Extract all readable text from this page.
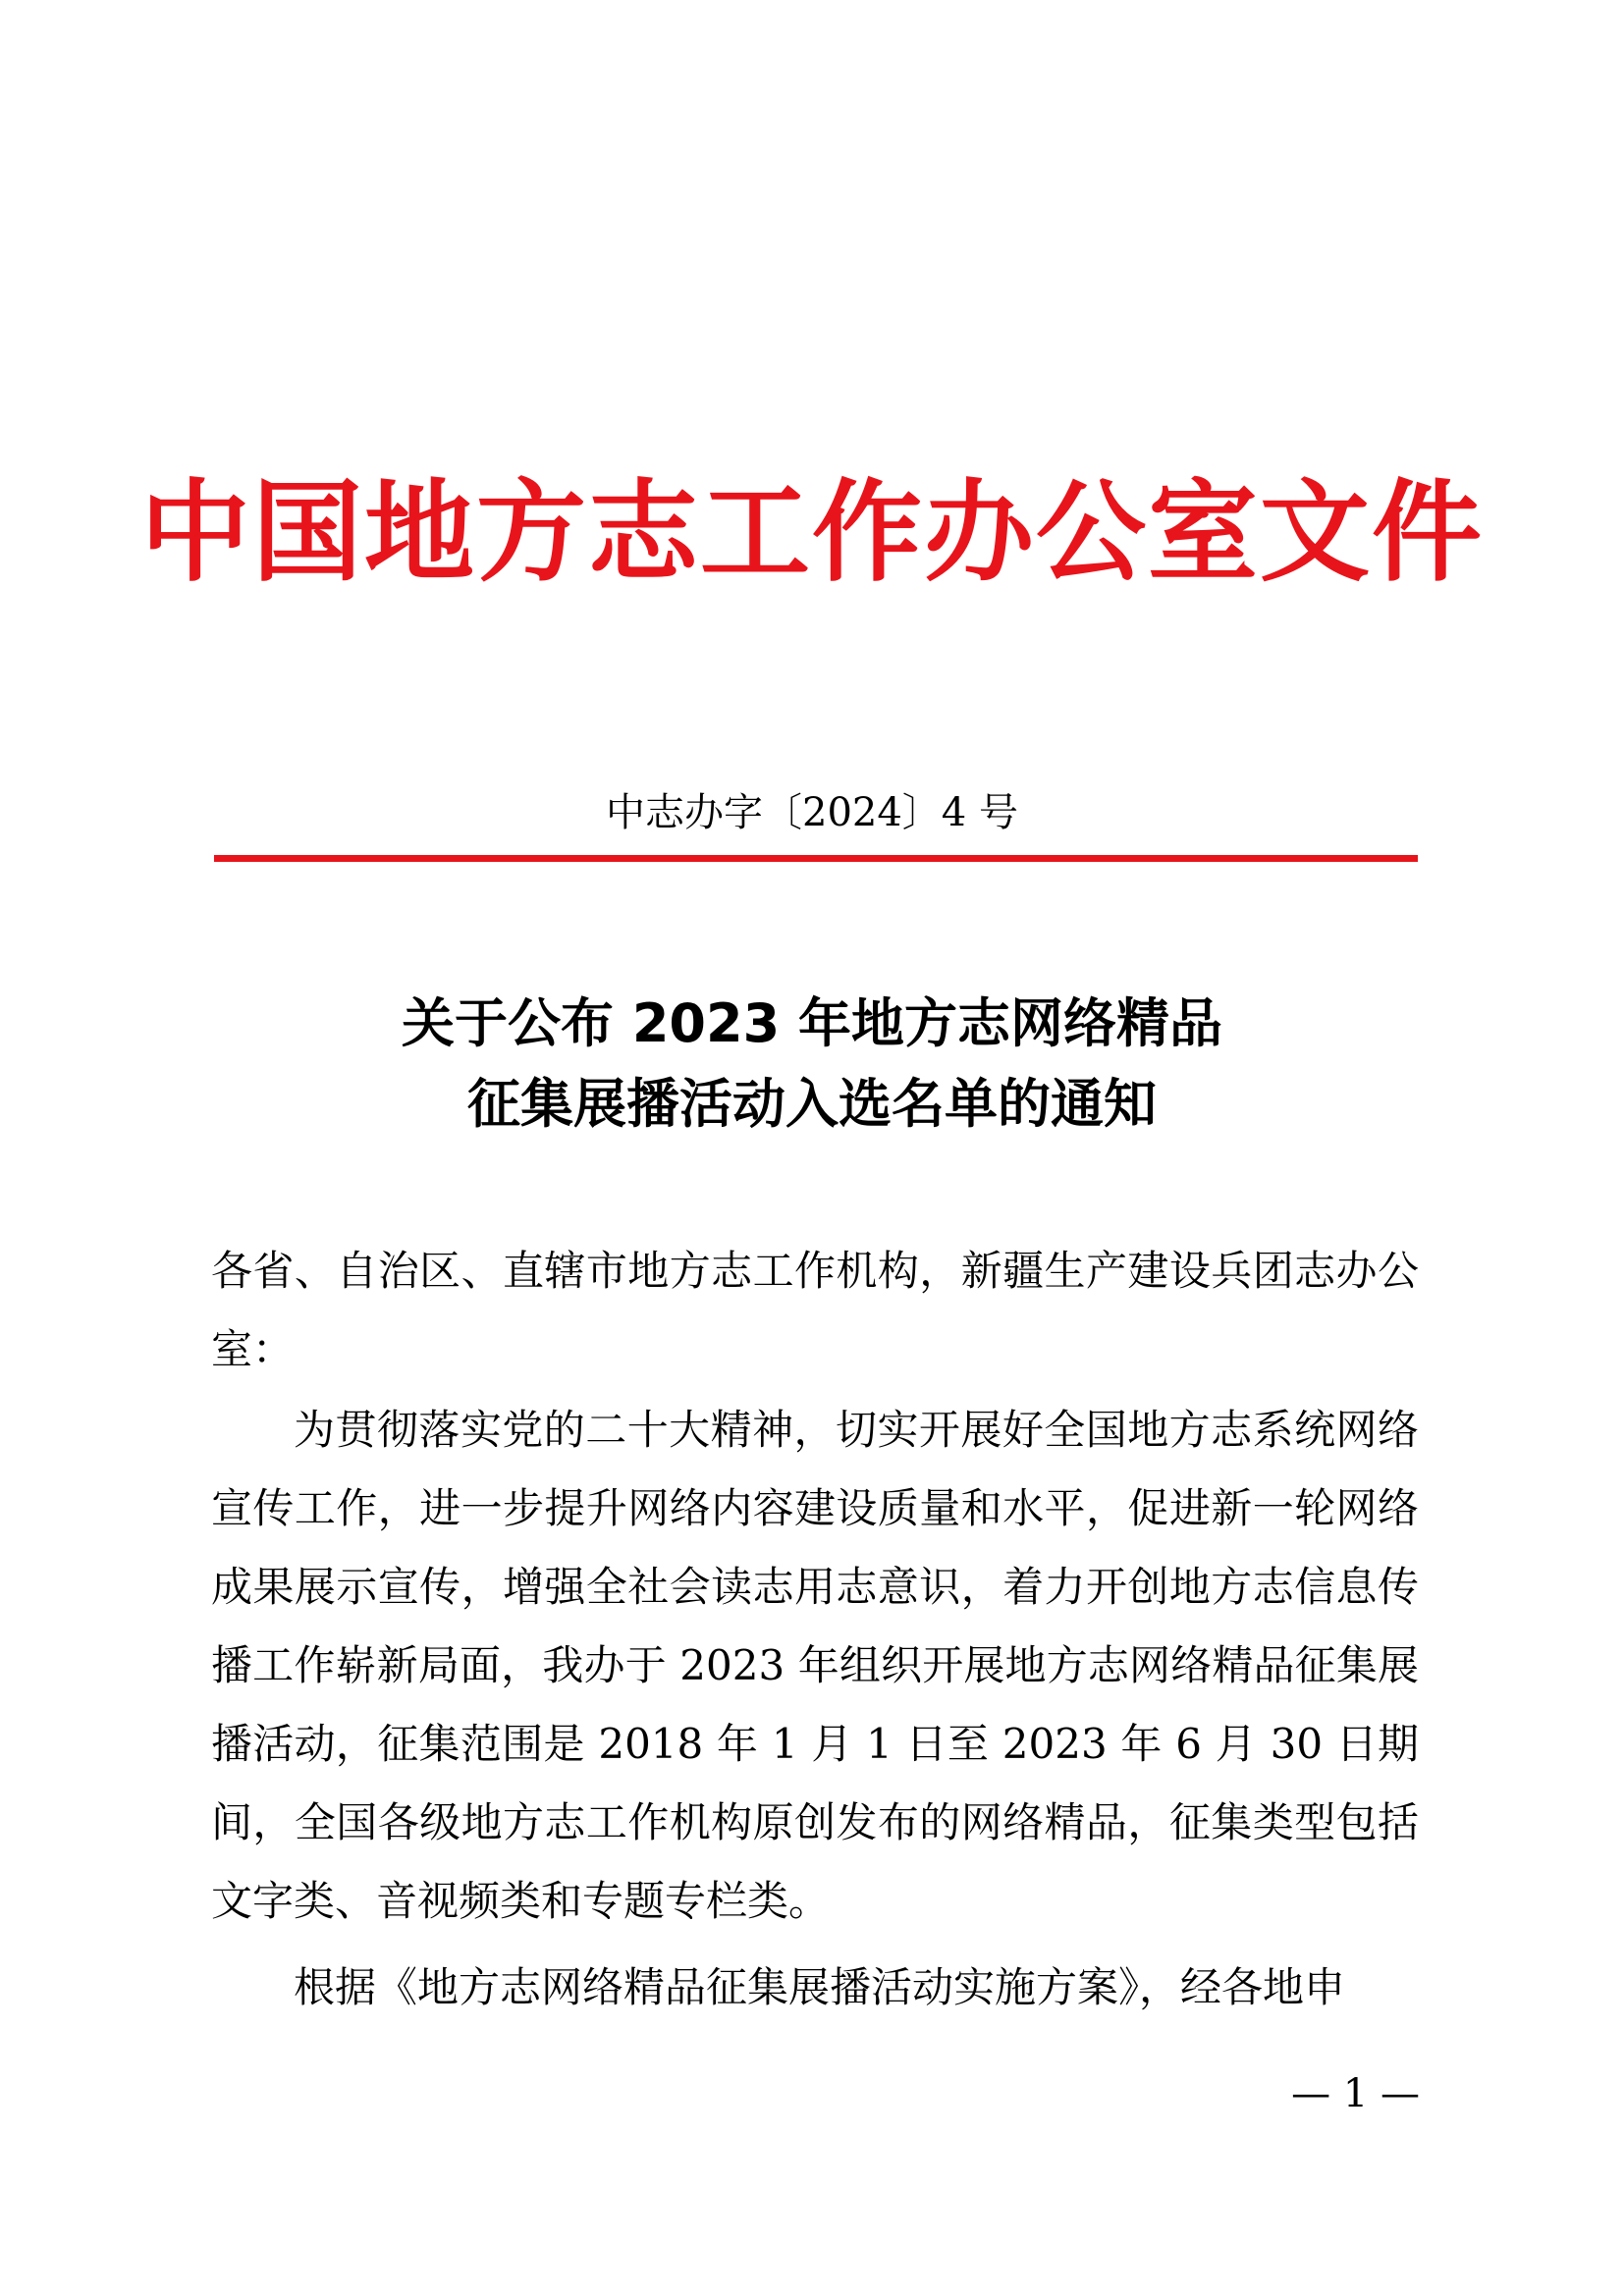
中国地方志工作办公室文件
中志办字〔2024〕4 号
关于公布 2023 年地方志网络精品
征集展播活动入选名单的通知
各省、自治区、直辖市地方志工作机构，新疆生产建设兵团志办公室：
为贯彻落实党的二十大精神，切实开展好全国地方志系统网络宣传工作，进一步提升网络内容建设质量和水平，促进新一轮网络成果展示宣传，增强全社会读志用志意识，着力开创地方志信息传播工作崭新局面，我办于 2023 年组织开展地方志网络精品征集展播活动，征集范围是 2018 年 1 月 1 日至 2023 年 6 月 30 日期间，全国各级地方志工作机构原创发布的网络精品，征集类型包括文字类、音视频类和专题专栏类。
根据《地方志网络精品征集展播活动实施方案》，经各地申
— 1 —
